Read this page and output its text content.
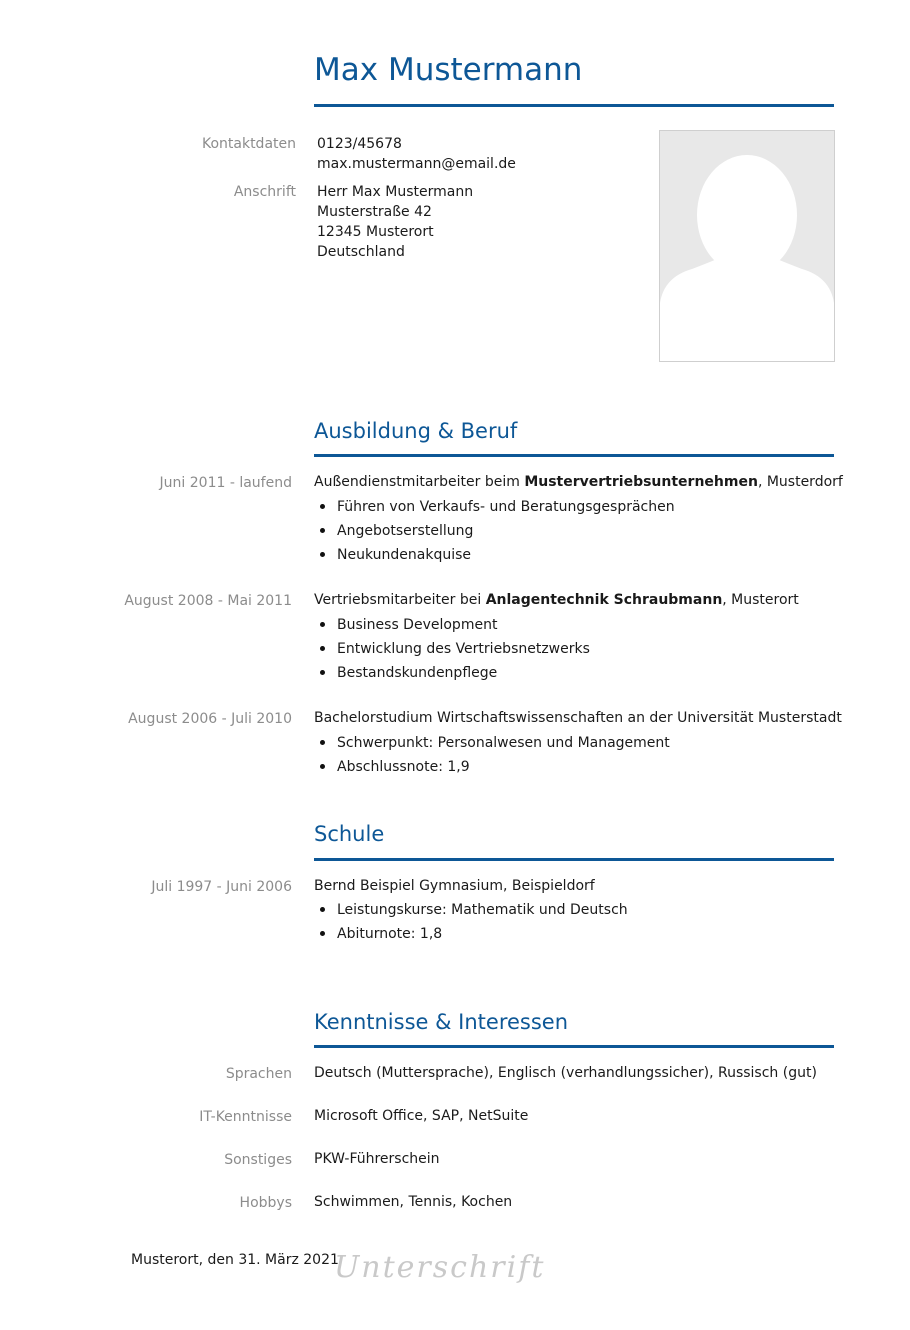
Max Mustermann
Kontaktdaten 0123/45678
max.mustermann@email.de
Anschrift Herr Max Mustermann
Musterstraße 42
12345 Musterort
Deutschland
Ausbildung & Beruf
Juni 2011 - laufend Außendienstmitarbeiter beim Mustervertriebsunternehmen, Musterdorf
Führen von Verkaufs- und Beratungsgesprächen
Angebotserstellung
Neukundenakquise
August 2008 - Mai 2011 Vertriebsmitarbeiter bei Anlagentechnik Schraubmann, Musterort
Business Development
Entwicklung des Vertriebsnetzwerks
Bestandskundenpflege
August 2006 - Juli 2010 Bachelorstudium Wirtschaftswissenschaften an der Universität Musterstadt
Schwerpunkt: Personalwesen und Management
Abschlussnote: 1,9
Schule
Juli 1997 - Juni 2006 Bernd Beispiel Gymnasium, Beispieldorf
Leistungskurse: Mathematik und Deutsch
Abiturnote: 1,8
Kenntnisse & Interessen
Sprachen Deutsch (Muttersprache), Englisch (verhandlungssicher), Russisch (gut)
IT-Kenntnisse Microsoft Office, SAP, NetSuite
Sonstiges PKW-Führerschein
Hobbys Schwimmen, Tennis, Kochen
Musterort, den 31. März 2021
Unterschrift
